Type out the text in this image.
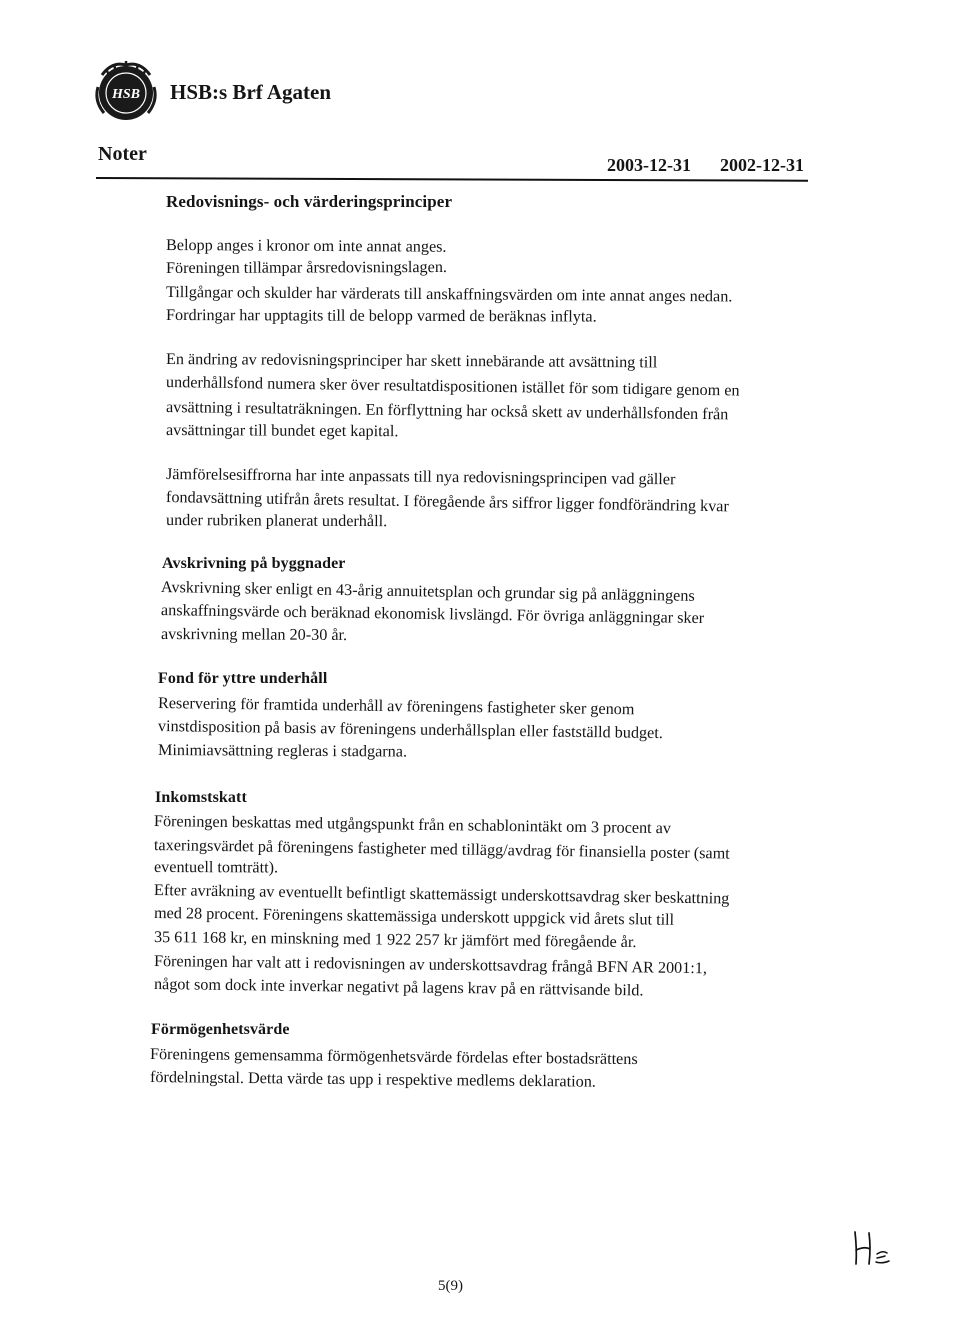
HSB HSB:s Brf Agaten
Noter	2003-12-31 2002-12-31
Redovisnings- och värderingsprinciper
Belopp anges i kronor om inte annat anges.
Föreningen tillämpar årsredovisningslagen.
Tillgångar och skulder har värderats till anskaffningsvärden om inte annat anges nedan.
Fordringar har upptagits till de belopp varmed de beräknas inflyta.
En ändring av redovisningsprinciper har skett innebärande att avsättning till
underhållsfond numera sker över resultatdispositionen istället för som tidigare genom en
avsättning i resultaträkningen. En förflyttning har också skett av underhållsfonden från
avsättningar till bundet eget kapital.
Jämförelsesiffrorna har inte anpassats till nya redovisningsprincipen vad gäller
fondavsättning utifrån årets resultat. I föregående års siffror ligger fondförändring kvar
under rubriken planerat underhåll.
Avskrivning på byggnader
Avskrivning sker enligt en 43-årig annuitetsplan och grundar sig på anläggningens
anskaffningsvärde och beräknad ekonomisk livslängd. För övriga anläggningar sker
avskrivning mellan 20-30 år.
Fond för yttre underhåll
Reservering för framtida underhåll av föreningens fastigheter sker genom
vinstdisposition på basis av föreningens underhållsplan eller fastställd budget.
Minimiavsättning regleras i stadgarna.
Inkomstskatt
Föreningen beskattas med utgångspunkt från en schablonintäkt om 3 procent av
taxeringsvärdet på föreningens fastigheter med tillägg/avdrag för finansiella poster (samt
eventuell tomträtt).
Efter avräkning av eventuellt befintligt skattemässigt underskottsavdrag sker beskattning
med 28 procent. Föreningens skattemässiga underskott uppgick vid årets slut till
35 611 168 kr, en minskning med 1 922 257 kr jämfört med föregående år.
Föreningen har valt att i redovisningen av underskottsavdrag frångå BFN AR 2001:1,
något som dock inte inverkar negativt på lagens krav på en rättvisande bild.
Förmögenhetsvärde
Föreningens gemensamma förmögenhetsvärde fördelas efter bostadsrättens
fördelningstal. Detta värde tas upp i respektive medlems deklaration.
5(9)
